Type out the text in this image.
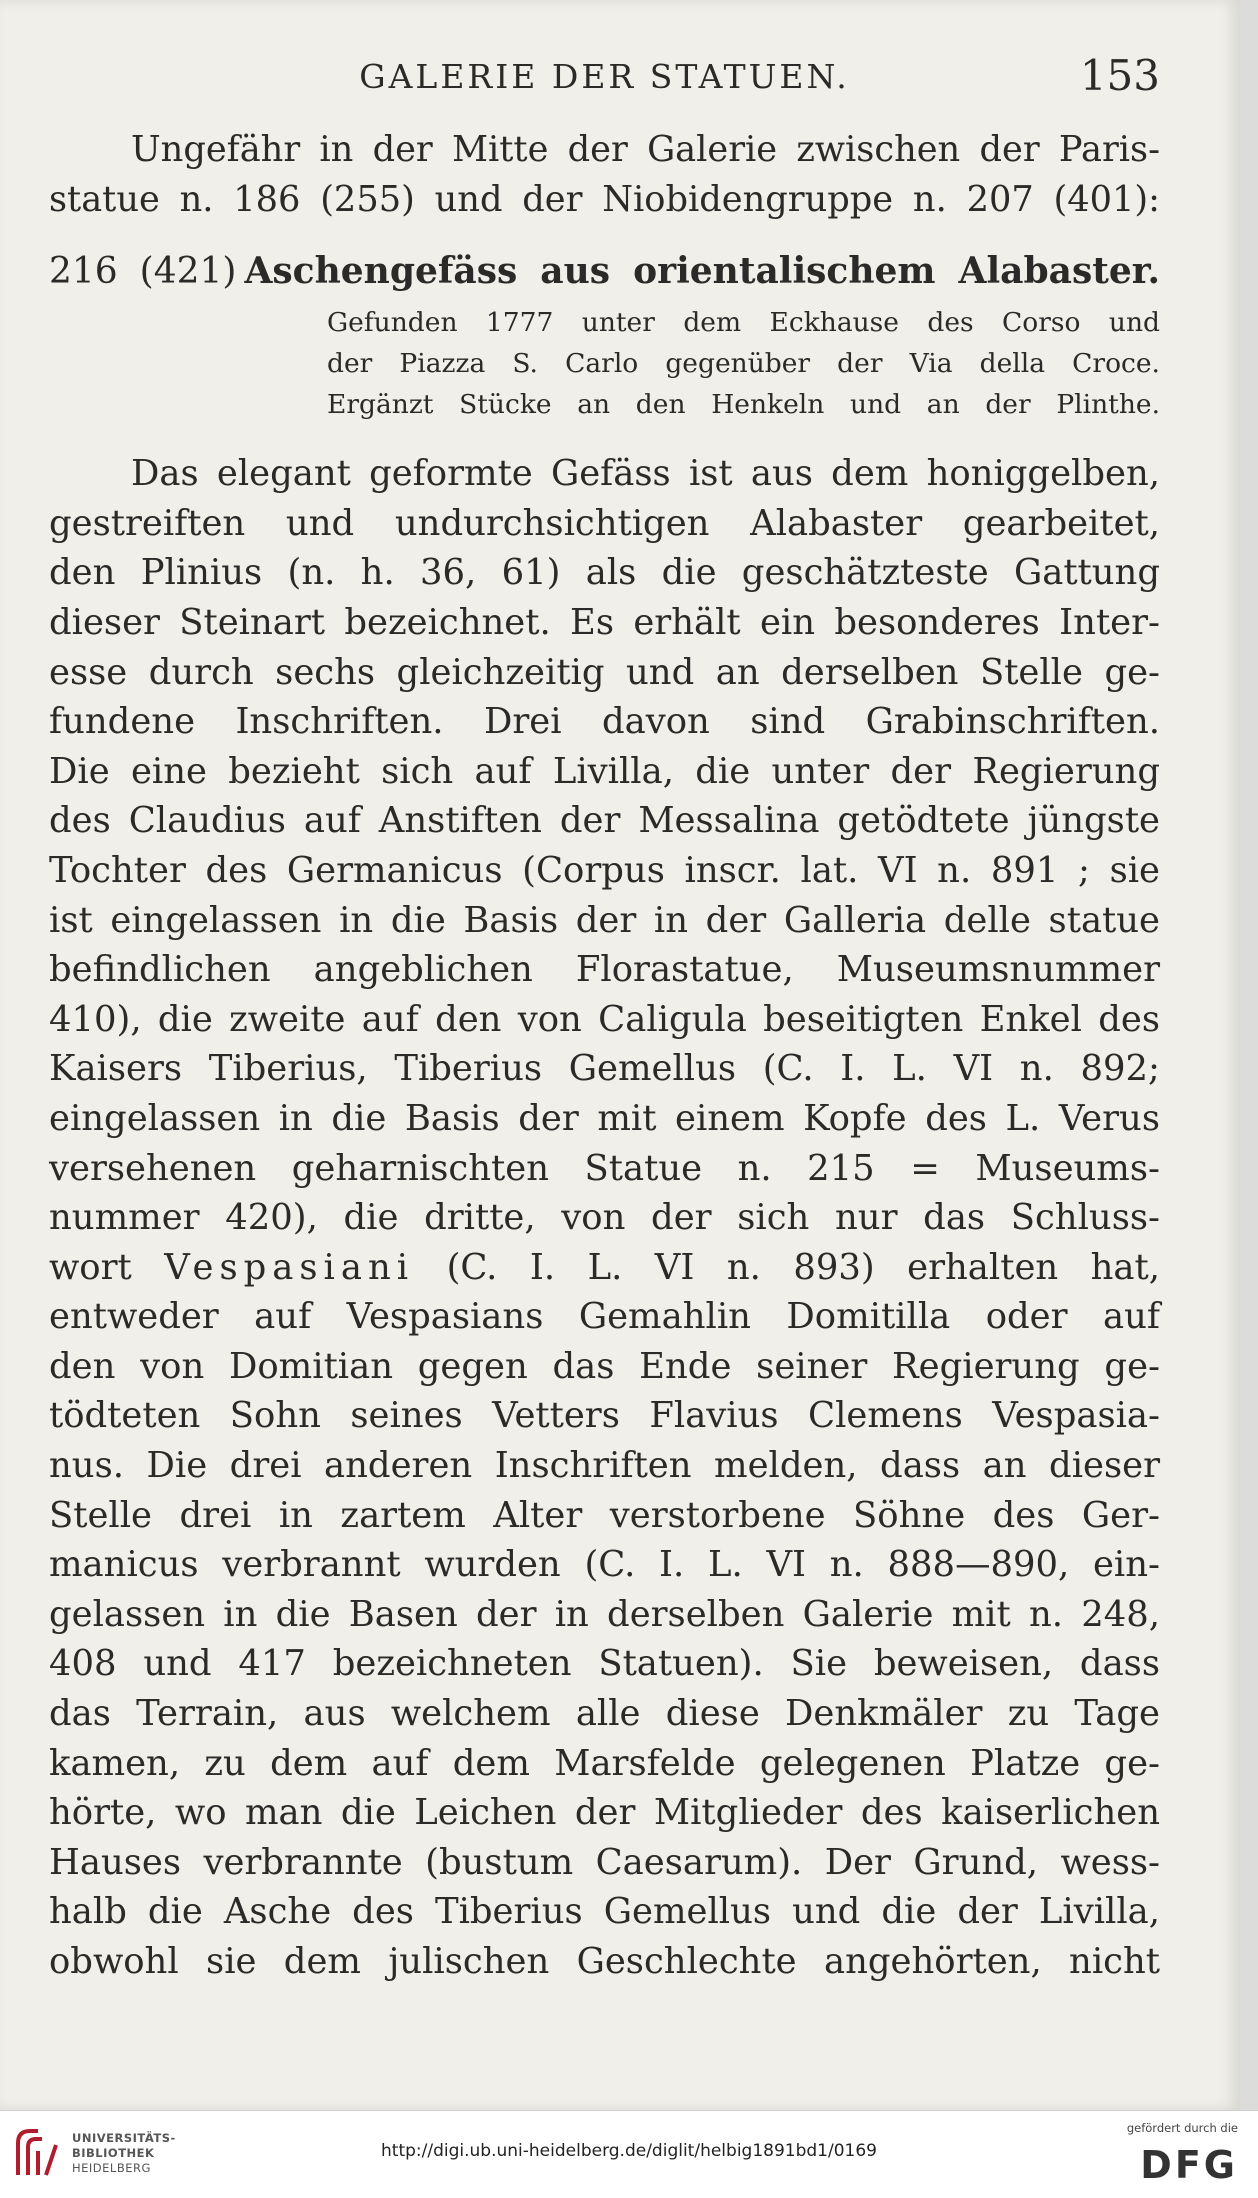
GALERIE DER STATUEN.	153
Ungefähr in der Mitte der Galerie zwischen der Paris-
statue n. 186 (255) und der Niobidengruppe n. 207 (401):
216 (421) Aschengefäss aus orientalischem Alabaster.
Gefunden 1777 unter dem Eckhause des Corso und
der Piazza S. Carlo gegenüber der Via della Croce.
Ergänzt Stücke an den Henkeln und an der Plinthe.
Das elegant geformte Gefäss ist aus dem honiggelben,
gestreiften und undurchsichtigen Alabaster gearbeitet,
den Plinius (n. h. 36, 61) als die geschätzteste Gattung
dieser Steinart bezeichnet. Es erhält ein besonderes Inter-
esse durch sechs gleichzeitig und an derselben Stelle ge-
fundene Inschriften. Drei davon sind Grabinschriften.
Die eine bezieht sich auf Livilla, die unter der Regierung
des Claudius auf Anstiften der Messalina getödtete jüngste
Tochter des Germanicus (Corpus inscr. lat. VI n. 891 ; sie
ist eingelassen in die Basis der in der Galleria delle statue
befindlichen angeblichen Florastatue, Museumsnummer
410), die zweite auf den von Caligula beseitigten Enkel des
Kaisers Tiberius, Tiberius Gemellus (C. I. L. VI n. 892;
eingelassen in die Basis der mit einem Kopfe des L. Verus
versehenen geharnischten Statue n. 215 = Museums-
nummer 420), die dritte, von der sich nur das Schluss-
wort Vespasiani (C. I. L. VI n. 893) erhalten hat,
entweder auf Vespasians Gemahlin Domitilla oder auf
den von Domitian gegen das Ende seiner Regierung ge-
tödteten Sohn seines Vetters Flavius Clemens Vespasia-
nus. Die drei anderen Inschriften melden, dass an dieser
Stelle drei in zartem Alter verstorbene Söhne des Ger-
manicus verbrannt wurden (C. I. L. VI n. 888—890, ein-
gelassen in die Basen der in derselben Galerie mit n. 248,
408 und 417 bezeichneten Statuen). Sie beweisen, dass
das Terrain, aus welchem alle diese Denkmäler zu Tage
kamen, zu dem auf dem Marsfelde gelegenen Platze ge-
hörte, wo man die Leichen der Mitglieder des kaiserlichen
Hauses verbrannte (bustum Caesarum). Der Grund, wess-
halb die Asche des Tiberius Gemellus und die der Livilla,
obwohl sie dem julischen Geschlechte angehörten, nicht
UNIVERSITÄTS-
BIBLIOTHEK
HEIDELBERG
http://digi.ub.uni-heidelberg.de/diglit/helbig1891bd1/0169
gefördert durch die
DFG
